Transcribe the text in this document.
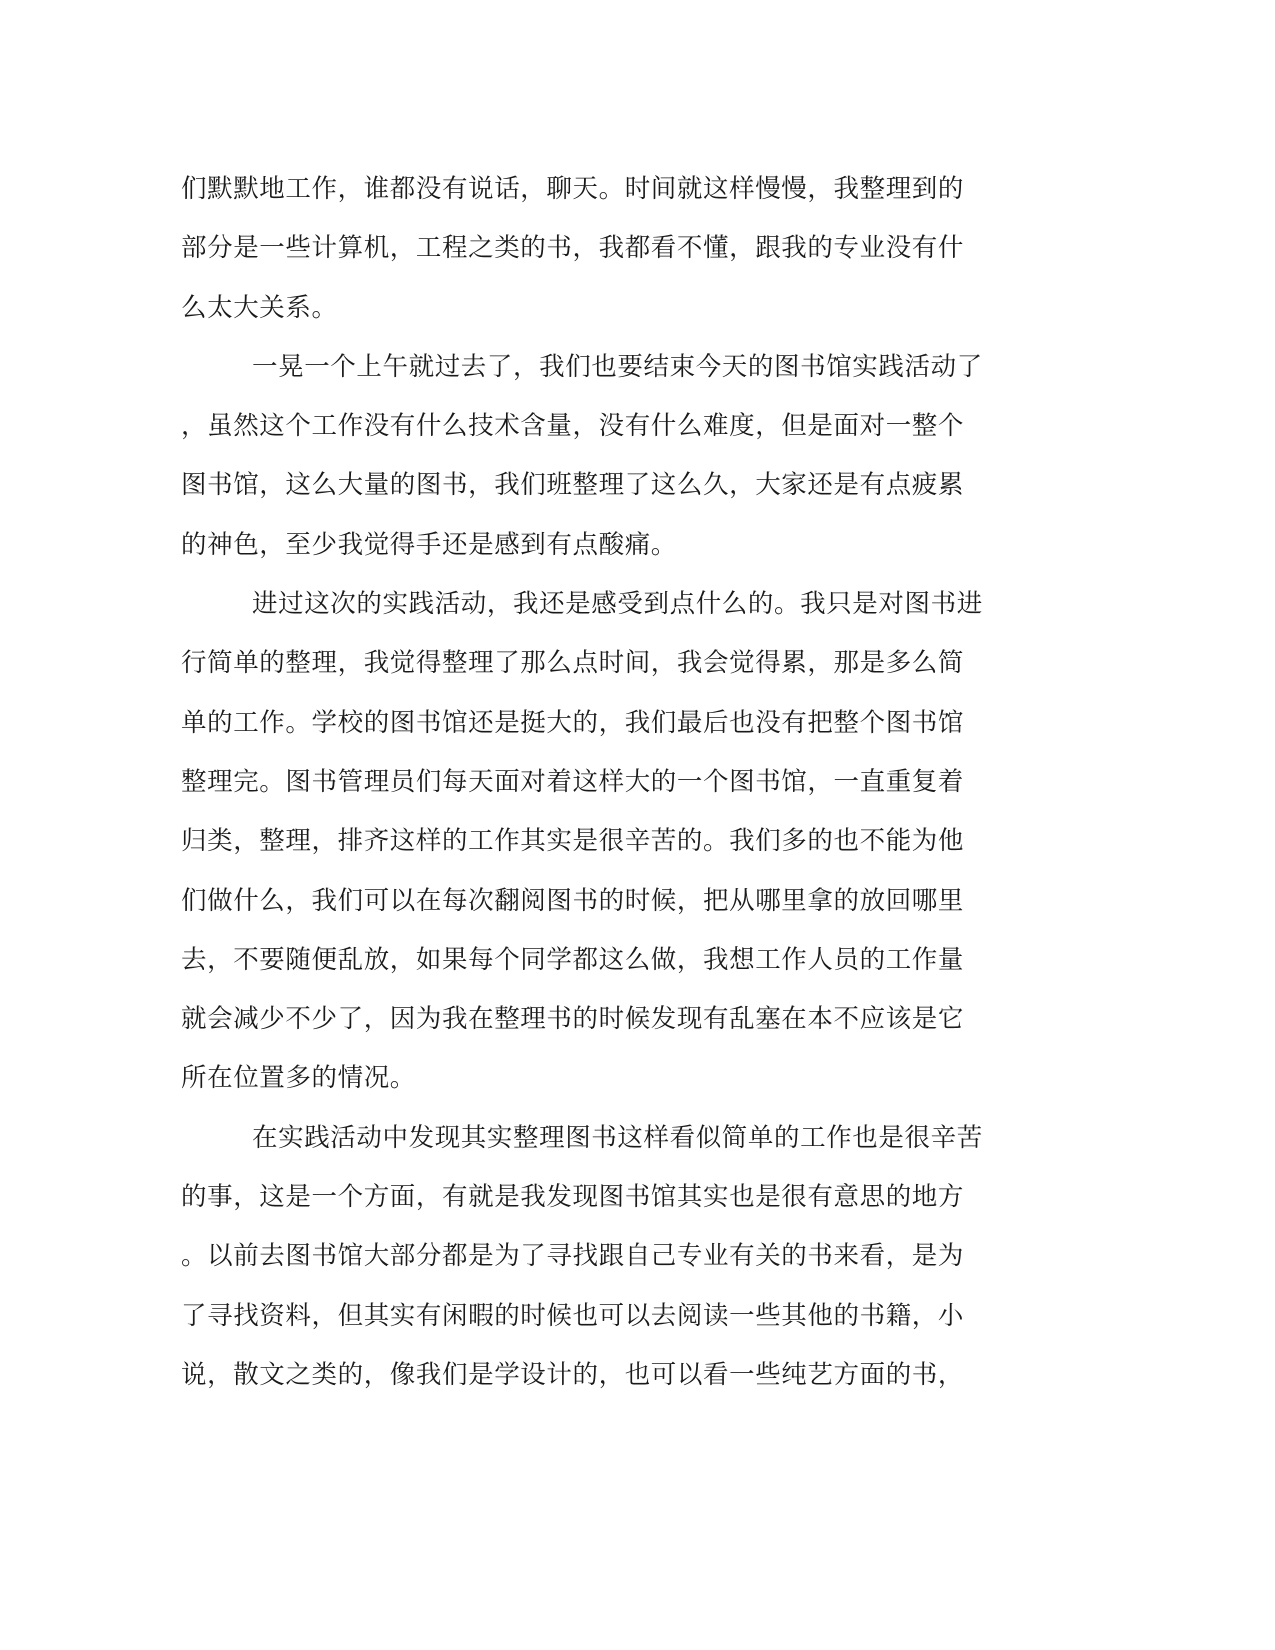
们默默地工作，谁都没有说话，聊天。时间就这样慢慢，我整理到的
部分是一些计算机，工程之类的书，我都看不懂，跟我的专业没有什
么太大关系。
一晃一个上午就过去了，我们也要结束今天的图书馆实践活动了
，虽然这个工作没有什么技术含量，没有什么难度，但是面对一整个
图书馆，这么大量的图书，我们班整理了这么久，大家还是有点疲累
的神色，至少我觉得手还是感到有点酸痛。
进过这次的实践活动，我还是感受到点什么的。我只是对图书进
行简单的整理，我觉得整理了那么点时间，我会觉得累，那是多么简
单的工作。学校的图书馆还是挺大的，我们最后也没有把整个图书馆
整理完。图书管理员们每天面对着这样大的一个图书馆，一直重复着
归类，整理，排齐这样的工作其实是很辛苦的。我们多的也不能为他
们做什么，我们可以在每次翻阅图书的时候，把从哪里拿的放回哪里
去，不要随便乱放，如果每个同学都这么做，我想工作人员的工作量
就会减少不少了，因为我在整理书的时候发现有乱塞在本不应该是它
所在位置多的情况。
在实践活动中发现其实整理图书这样看似简单的工作也是很辛苦
的事，这是一个方面，有就是我发现图书馆其实也是很有意思的地方
。以前去图书馆大部分都是为了寻找跟自己专业有关的书来看，是为
了寻找资料，但其实有闲暇的时候也可以去阅读一些其他的书籍，小
说，散文之类的，像我们是学设计的，也可以看一些纯艺方面的书，
